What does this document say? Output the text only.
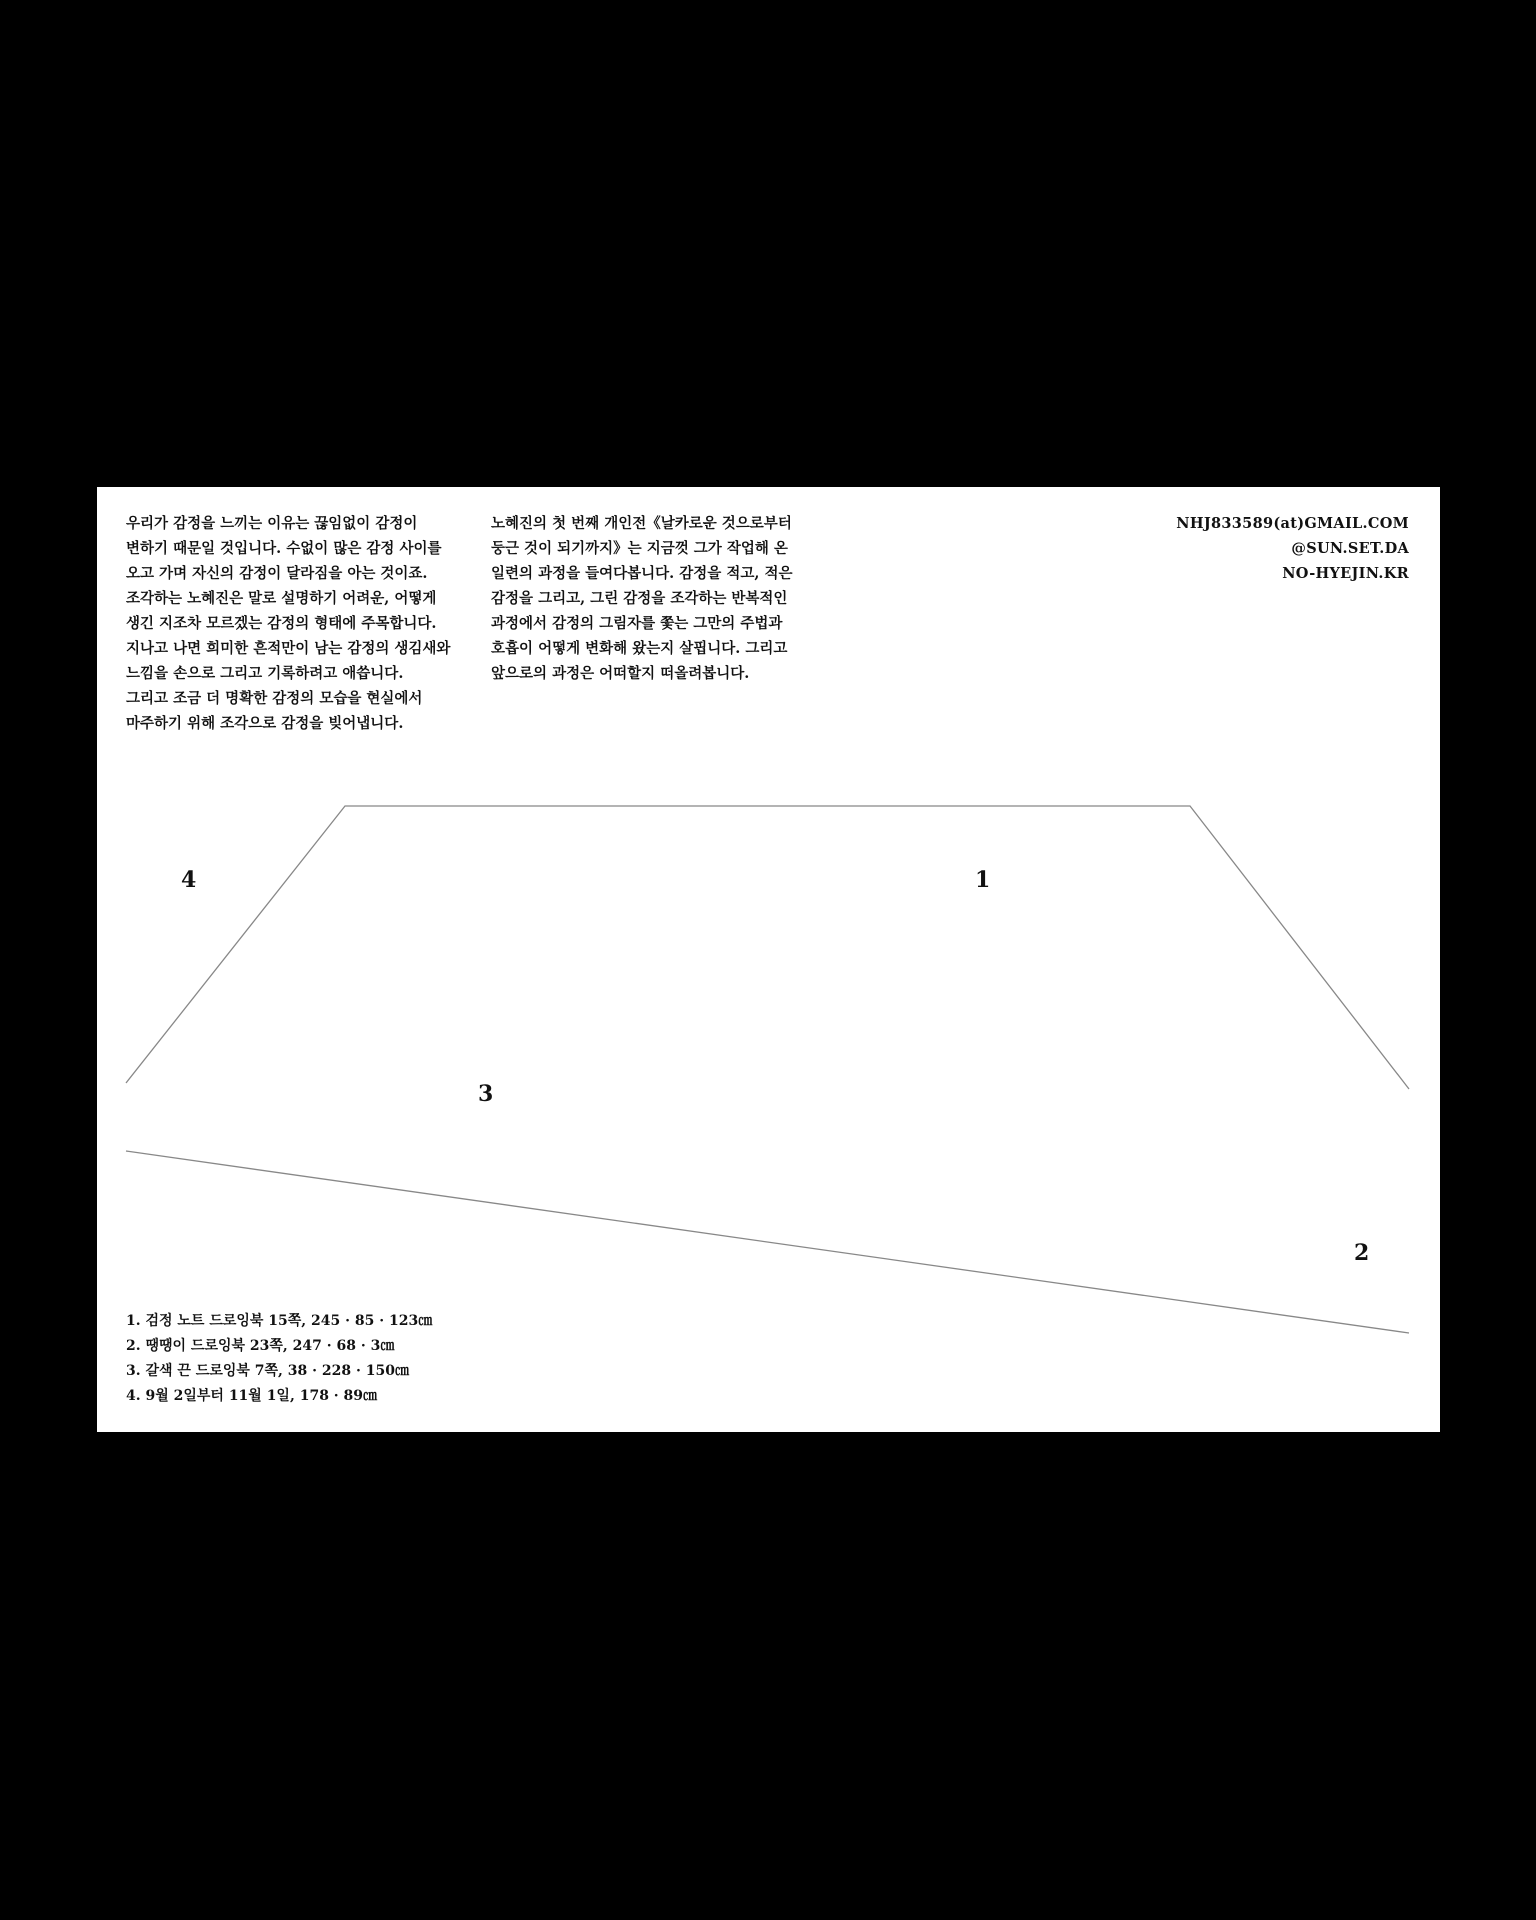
우리가 감정을 느끼는 이유는 끊임없이 감정이

변하기 때문일 것입니다. 수없이 많은 감정 사이를

오고 가며 자신의 감정이 달라짐을 아는 것이죠.

조각하는 노혜진은 말로 설명하기 어려운, 어떻게

생긴 지조차 모르겠는 감정의 형태에 주목합니다.

지나고 나면 희미한 흔적만이 남는 감정의 생김새와

느낌을 손으로 그리고 기록하려고 애씁니다.

그리고 조금 더 명확한 감정의 모습을 현실에서

마주하기 위해 조각으로 감정을 빚어냅니다.

노혜진의 첫 번째 개인전《날카로운 것으로부터

둥근 것이 되기까지》는 지금껏 그가 작업해 온

일련의 과정을 들여다봅니다. 감정을 적고, 적은

감정을 그리고, 그린 감정을 조각하는 반복적인

과정에서 감정의 그림자를 쫓는 그만의 주법과

호흡이 어떻게 변화해 왔는지 살핍니다. 그리고

앞으로의 과정은 어떠할지 떠올려봅니다.

NHJ833589(at)GMAIL.COM
@SUN.SET.DA
NO-HYEJIN.KR
4	1
3
2
1. 검정 노트 드로잉북 15쪽, 245 · 85 · 123㎝
2. 땡땡이 드로잉북 23쪽, 247 · 68 · 3㎝
3. 갈색 끈 드로잉북 7쪽, 38 · 228 · 150㎝
4. 9월 2일부터 11월 1일, 178 · 89㎝
